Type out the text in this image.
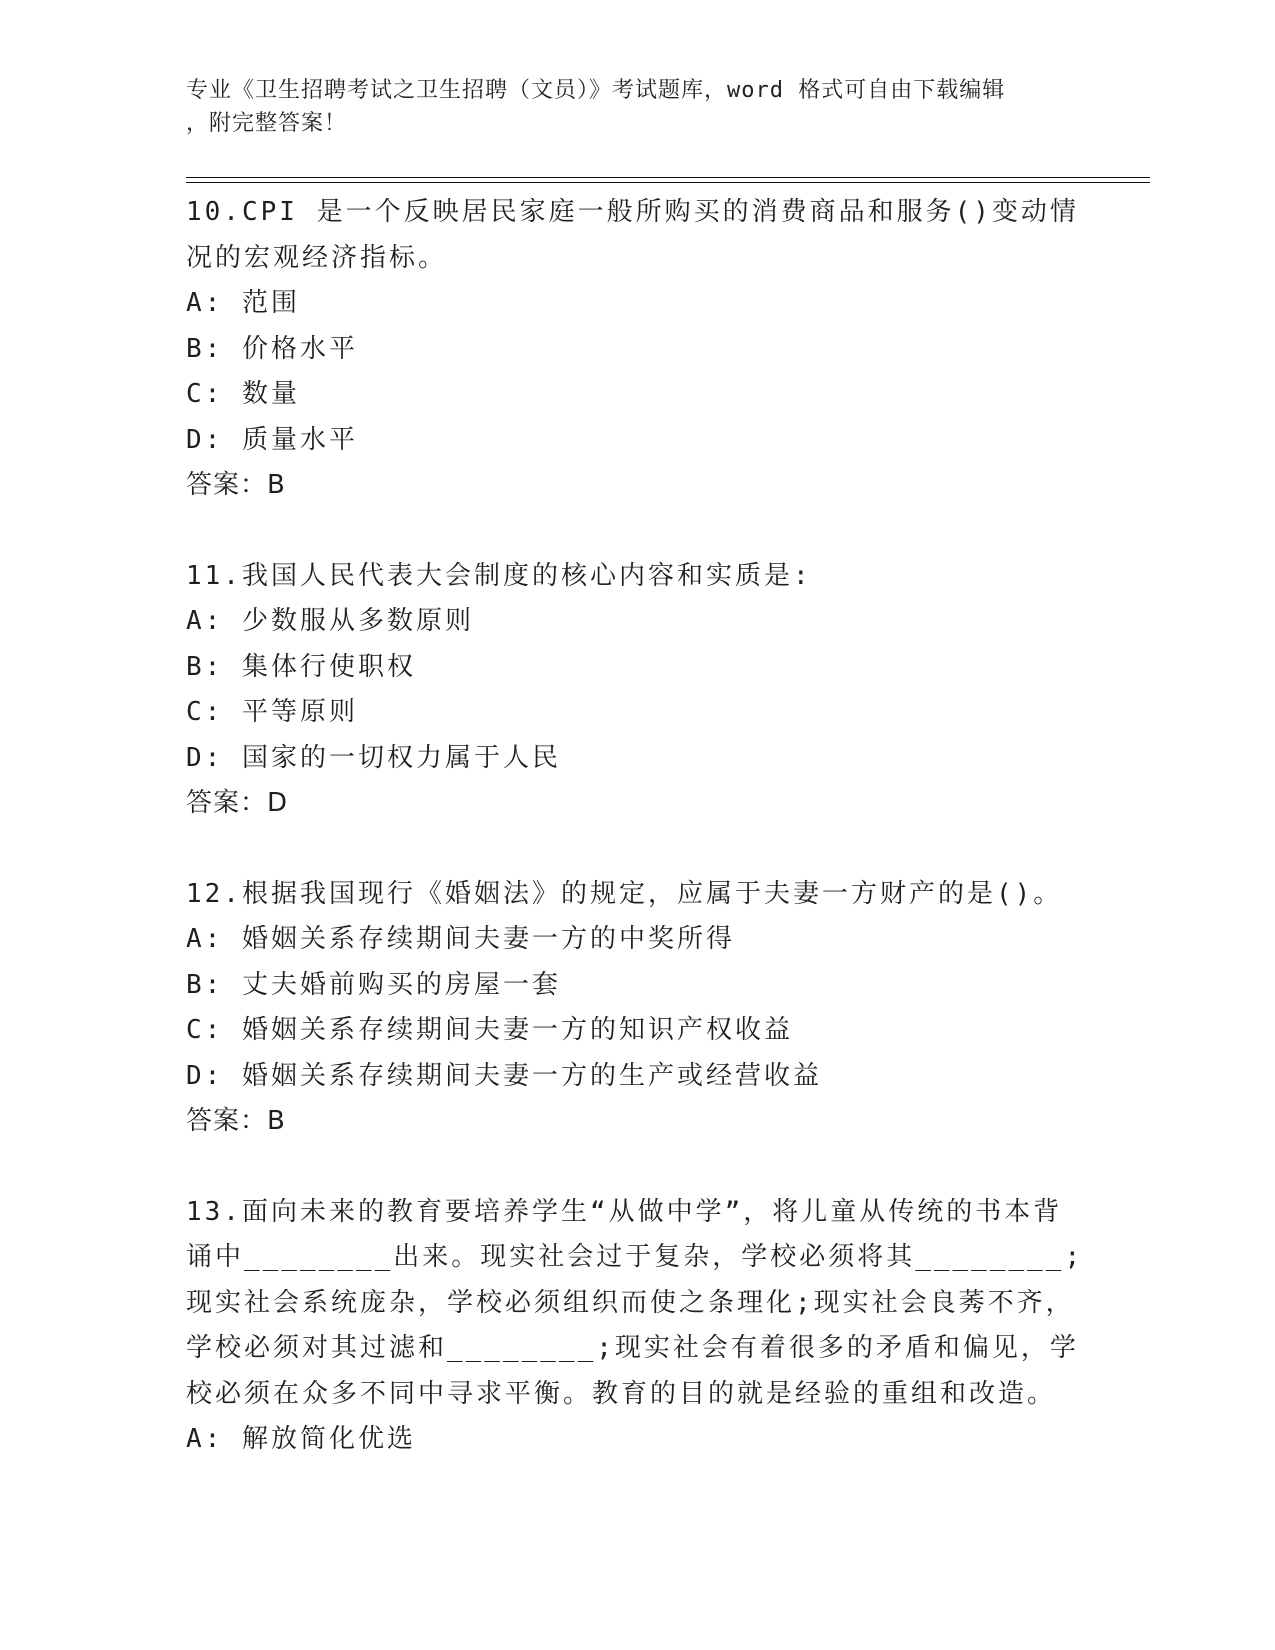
专业《卫生招聘考试之卫生招聘（文员）》考试题库，word 格式可自由下载编辑
，附完整答案！

10.CPI 是一个反映居民家庭一般所购买的消费商品和服务()变动情况的宏观经济指标。

A: 范围

B: 价格水平

C: 数量

D: 质量水平

答案：B

11.我国人民代表大会制度的核心内容和实质是:

A: 少数服从多数原则

B: 集体行使职权

C: 平等原则

D: 国家的一切权力属于人民

答案：D

12.根据我国现行《婚姻法》的规定，应属于夫妻一方财产的是()。

A: 婚姻关系存续期间夫妻一方的中奖所得

B: 丈夫婚前购买的房屋一套

C: 婚姻关系存续期间夫妻一方的知识产权收益

D: 婚姻关系存续期间夫妻一方的生产或经营收益

答案：B

13.面向未来的教育要培养学生“从做中学”，将儿童从传统的书本背诵中________出来。现实社会过于复杂，学校必须将其________;现实社会系统庞杂，学校必须组织而使之条理化;现实社会良莠不齐，学校必须对其过滤和________;现实社会有着很多的矛盾和偏见，学校必须在众多不同中寻求平衡。教育的目的就是经验的重组和改造。

A: 解放简化优选
